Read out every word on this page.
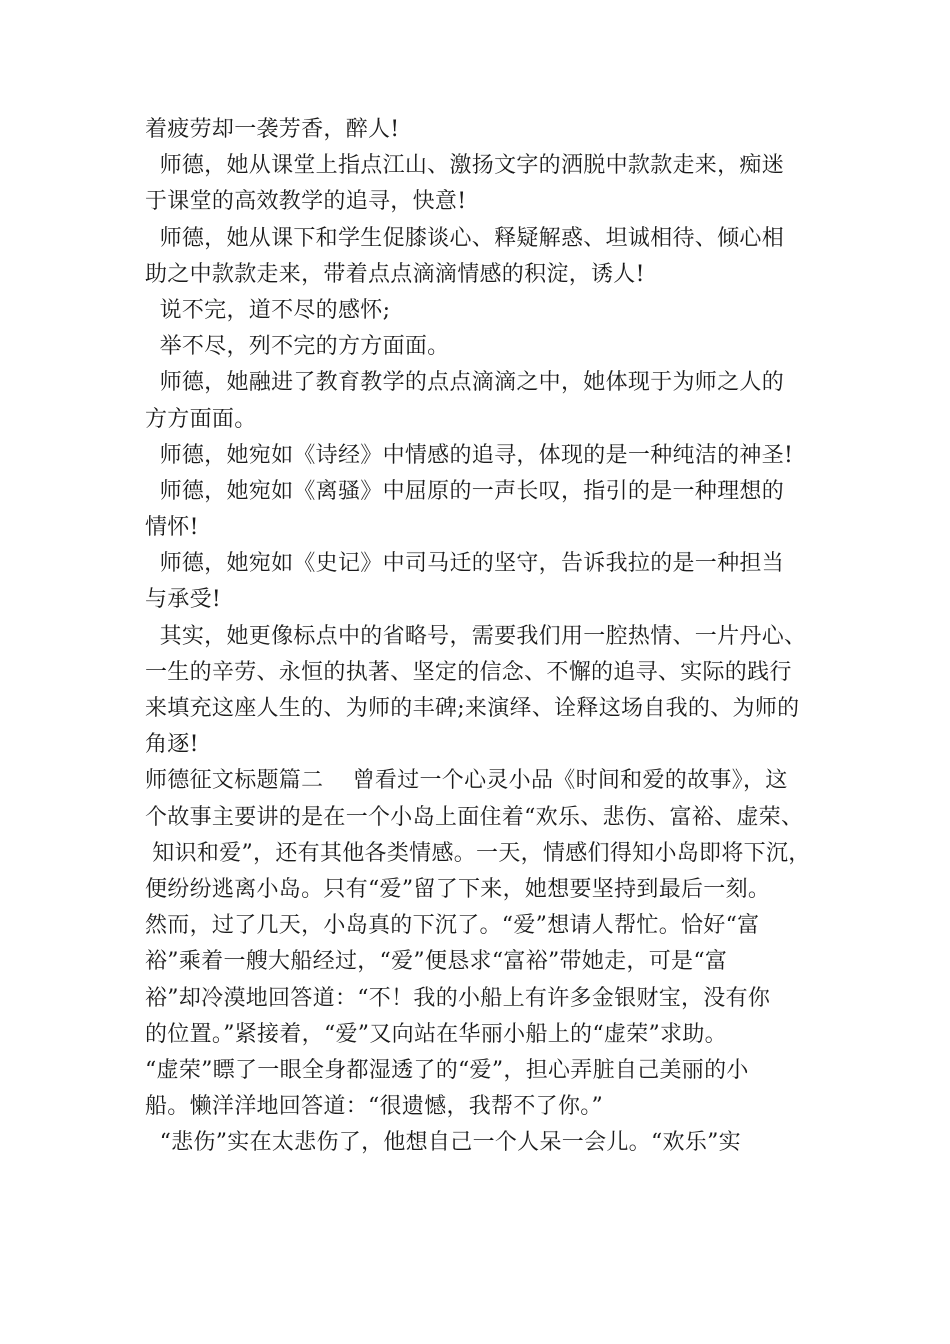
着疲劳却一袭芳香，醉人!
师德，她从课堂上指点江山、激扬文字的洒脱中款款走来，痴迷
于课堂的高效教学的追寻，快意!
师德，她从课下和学生促膝谈心、释疑解惑、坦诚相待、倾心相
助之中款款走来，带着点点滴滴情感的积淀，诱人!
说不完，道不尽的感怀;
举不尽，列不完的方方面面。
师德，她融进了教育教学的点点滴滴之中，她体现于为师之人的
方方面面。
师德，她宛如《诗经》中情感的追寻，体现的是一种纯洁的神圣!
师德，她宛如《离骚》中屈原的一声长叹，指引的是一种理想的
情怀!
师德，她宛如《史记》中司马迁的坚守，告诉我拉的是一种担当
与承受!
其实，她更像标点中的省略号，需要我们用一腔热情、一片丹心、
一生的辛劳、永恒的执著、坚定的信念、不懈的追寻、实际的践行
来填充这座人生的、为师的丰碑;来演绎、诠释这场自我的、为师的
角逐!
师德征文标题篇二    曾看过一个心灵小品《时间和爱的故事》，这
个故事主要讲的是在一个小岛上面住着“欢乐、悲伤、富裕、虚荣、
知识和爱”，还有其他各类情感。一天，情感们得知小岛即将下沉，
便纷纷逃离小岛。只有“爱”留了下来，她想要坚持到最后一刻。
然而，过了几天，小岛真的下沉了。“爱”想请人帮忙。恰好“富
裕”乘着一艘大船经过，“爱”便恳求“富裕”带她走，可是“富
裕”却冷漠地回答道：“不！我的小船上有许多金银财宝，没有你
的位置。”紧接着，“爱”又向站在华丽小船上的“虚荣”求助。
“虚荣”瞟了一眼全身都湿透了的“爱”，担心弄脏自己美丽的小
船。懒洋洋地回答道：“很遗憾，我帮不了你。”
“悲伤”实在太悲伤了，他想自己一个人呆一会儿。“欢乐”实
